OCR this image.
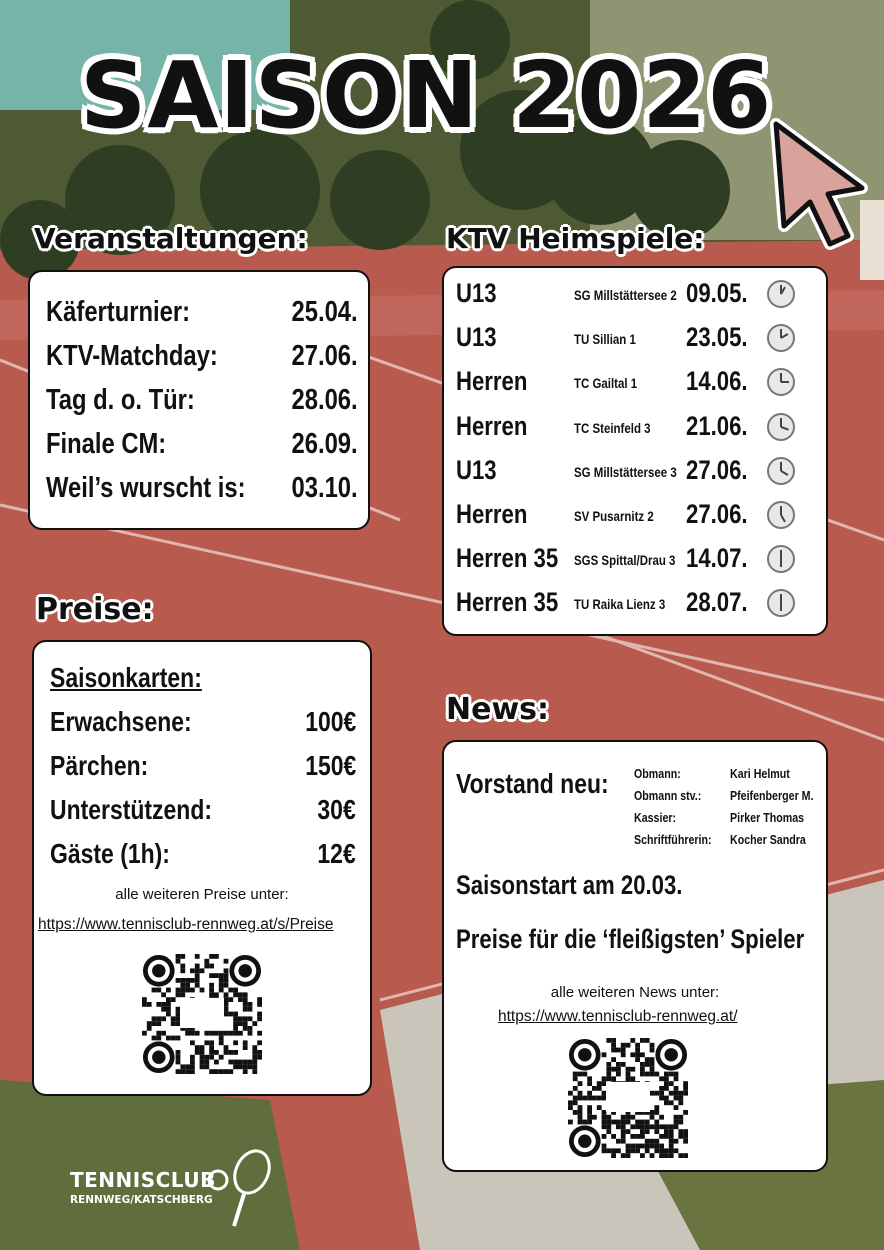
SAISON 2026
Veranstaltungen:
Käferturnier:	25.04.
KTV-Matchday:	27.06.
Tag d. o. Tür:	28.06.
Finale CM:	26.09.
Weil’s wurscht is: 03.10.
KTV Heimspiele:
U13	SG Millstättersee 2 09.05.
U13	TU Sillian 1 23.05.
Herren	TC Gailtal 1 14.06.
Herren	TC Steinfeld 3 21.06.
U13	SG Millstättersee 3 27.06.
Herren	SV Pusarnitz 2 27.06.
Herren 35 SGS Spittal/Drau 3 14.07.
Herren 35 TU Raika Lienz 3 28.07.
Preise:
Saisonkarten:
Erwachsene:	100€
Pärchen:	150€
Unterstützend:	30€
Gäste (1h):	12€
alle weiteren Preise unter:
https://www.tennisclub-rennweg.at/s/Preise
News:
Vorstand neu: Obmann:	Kari Helmut
Obmann stv.: Pfeifenberger M.
Kassier:	Pirker Thomas
Schriftführerin: Kocher Sandra
Saisonstart am 20.03.
Preise für die ‘fleißigsten’ Spieler
alle weiteren News unter:
https://www.tennisclub-rennweg.at/
TENNISCLUB
RENNWEG/KATSCHBERG
